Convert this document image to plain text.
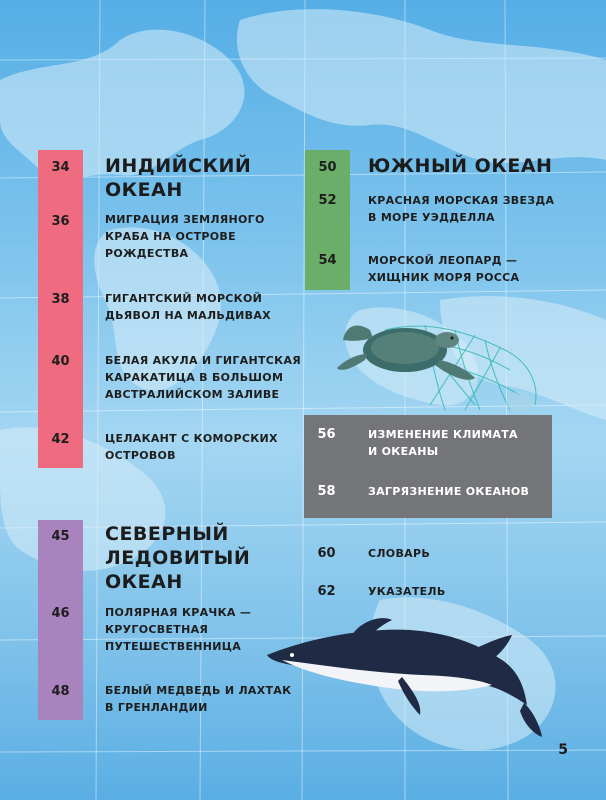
34	ИНДИЙСКИЙ
ОКЕАН
36	МИГРАЦИЯ ЗЕМЛЯНОГО
КРАБА НА ОСТРОВЕ
РОЖДЕСТВА
38	ГИГАНТСКИЙ МОРСКОЙ
ДЬЯВОЛ НА МАЛЬДИВАХ
40	БЕЛАЯ АКУЛА И ГИГАНТСКАЯ
КАРАКАТИЦА В БОЛЬШОМ
АВСТРАЛИЙСКОМ ЗАЛИВЕ
42	ЦЕЛАКАНТ С КОМОРСКИХ
ОСТРОВОВ
45	СЕВЕРНЫЙ
ЛЕДОВИТЫЙ
ОКЕАН
46	ПОЛЯРНАЯ КРАЧКА —
КРУГОСВЕТНАЯ
ПУТЕШЕСТВЕННИЦА
48	БЕЛЫЙ МЕДВЕДЬ И ЛАХТАК
В ГРЕНЛАНДИИ
50	ЮЖНЫЙ ОКЕАН
52	КРАСНАЯ МОРСКАЯ ЗВЕЗДА
В МОРЕ УЭДДЕЛЛА
54	МОРСКОЙ ЛЕОПАРД —
ХИЩНИК МОРЯ РОССА
56	ИЗМЕНЕНИЕ КЛИМАТА
И ОКЕАНЫ
58	ЗАГРЯЗНЕНИЕ ОКЕАНОВ
60	СЛОВАРЬ
62	УКАЗАТЕЛЬ
5
